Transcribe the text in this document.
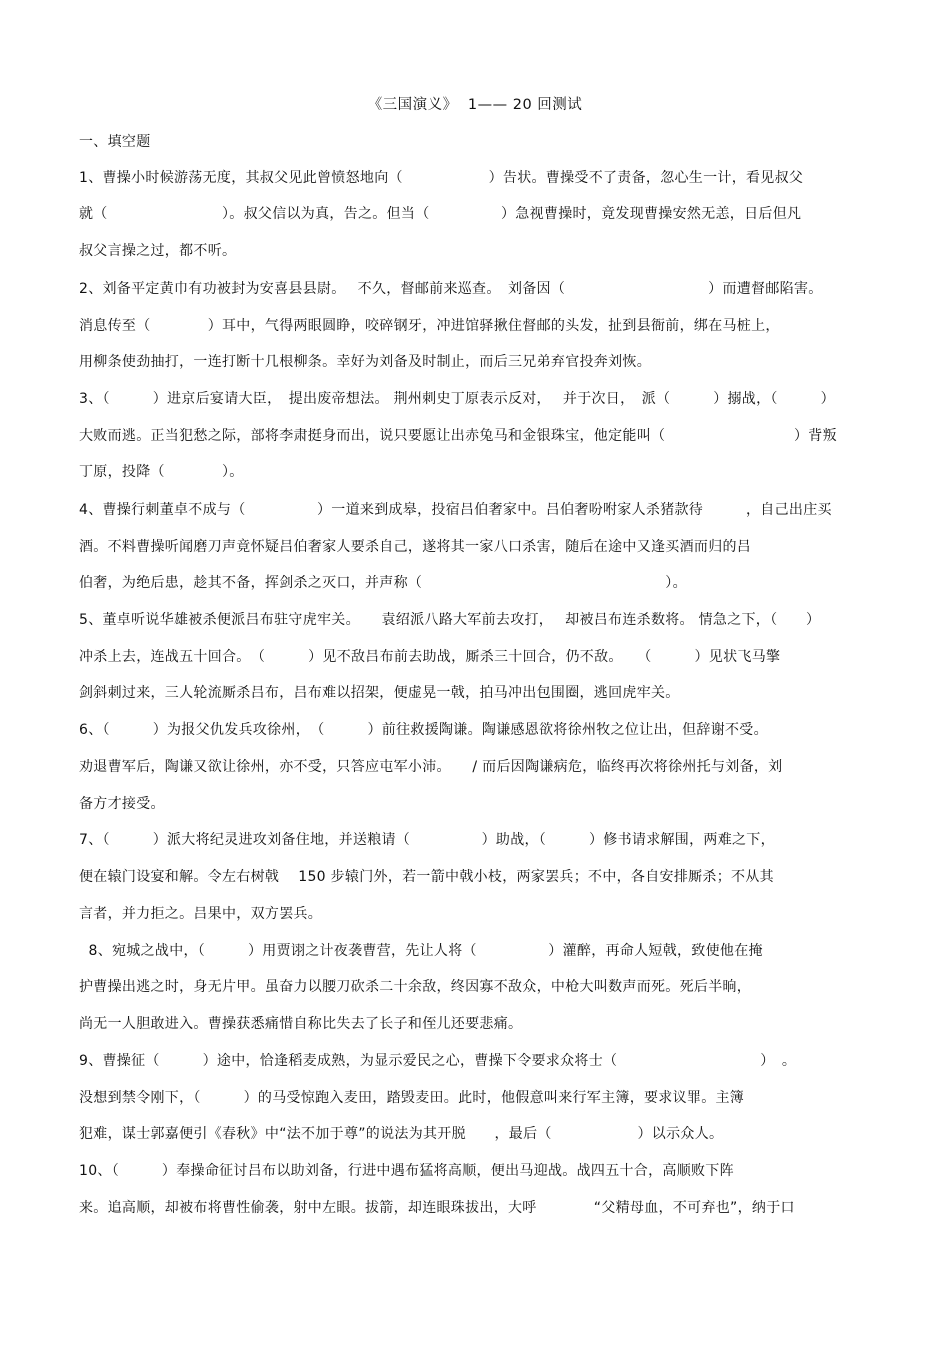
《三国演义》  1—— 20 回测试
一、填空题
1、曹操小时候游荡无度，其叔父见此曾愤怒地向（　　　　　　）告状。曹操受不了责备，忽心生一计，看见叔父
就（　　　　　　　　）。叔父信以为真，告之。但当（　　　　　）急视曹操时，竟发现曹操安然无恙，日后但凡
叔父言操之过，都不听。
2、刘备平定黄巾有功被封为安喜县县尉。　 不久，督邮前来巡查。　刘备因（　　　　　　　　　　）而遭督邮陷害。
消息传至（　　　　）耳中，气得两眼圆睁，咬碎钢牙，冲进馆驿揪住督邮的头发，扯到县衙前，绑在马桩上，
用柳条使劲抽打，一连打断十几根柳条。幸好为刘备及时制止，而后三兄弟弃官投奔刘恢。
3、（　　　）进京后宴请大臣，　提出废帝想法。 荆州刺史丁原表示反对，　 并于次日，　派（　　　）搦战，（　　　）
大败而逃。正当犯愁之际，部将李肃挺身而出，说只要愿让出赤兔马和金银珠宝，他定能叫（　　　　　　　　　）背叛
丁原，投降（　　　　）。
4、曹操行刺董卓不成与（　　　　　）一道来到成皋，投宿吕伯奢家中。吕伯奢吩咐家人杀猪款待　　　，自己出庄买
酒。不料曹操听闻磨刀声竟怀疑吕伯奢家人要杀自己，遂将其一家八口杀害，随后在途中又逢买酒而归的吕
伯奢，为绝后患，趁其不备，挥剑杀之灭口，并声称（　　　　　　　　　　　　　　　　　）。
5、董卓听说华雄被杀便派吕布驻守虎牢关。　　袁绍派八路大军前去攻打，　 却被吕布连杀数将。 情急之下，（　　）
冲杀上去，连战五十回合。　（　　　）见不敌吕布前去助战，厮杀三十回合，仍不敌。　　（　　　）见状飞马擎
剑斜刺过来，三人轮流厮杀吕布，吕布难以招架，便虚晃一戟，拍马冲出包围圈，逃回虎牢关。
6、（　　　）为报父仇发兵攻徐州，　（　　　）前往救援陶谦。陶谦感恩欲将徐州牧之位让出，但辞谢不受。
劝退曹军后，陶谦又欲让徐州，亦不受，只答应屯军小沛。　　/ 而后因陶谦病危，临终再次将徐州托与刘备，刘
备方才接受。
7、（　　　）派大将纪灵进攻刘备住地，并送粮请（　　　　　）助战，（　　　）修书请求解围，两难之下，
便在辕门设宴和解。令左右树戟　 150 步辕门外，若一箭中戟小枝，两家罢兵；不中，各自安排厮杀；不从其
言者，并力拒之。吕果中，双方罢兵。
8、宛城之战中，（　　　）用贾诩之计夜袭曹营，先让人将（　　　　　）灌醉，再命人短戟，致使他在掩
护曹操出逃之时，身无片甲。虽奋力以腰刀砍杀二十余敌，终因寡不敌众，中枪大叫数声而死。死后半晌，
尚无一人胆敢进入。曹操获悉痛惜自称比失去了长子和侄儿还要悲痛。
9、曹操征（　　　）途中，恰逢稻麦成熟，为显示爱民之心，曹操下令要求众将士（　　　　　　　　　　）　。
没想到禁令刚下，（　　　）的马受惊跑入麦田，踏毁麦田。此时，他假意叫来行军主簿，要求议罪。主簿
犯难，谋士郭嘉便引《春秋》中“法不加于尊”的说法为其开脱　　，最后（　　　　　　）以示众人。
10、（　　　）奉操命征讨吕布以助刘备，行进中遇布猛将高顺，便出马迎战。战四五十合，高顺败下阵
来。追高顺，却被布将曹性偷袭，射中左眼。拔箭，却连眼珠拔出，大呼　　　　“父精母血，不可弃也”，纳于口
